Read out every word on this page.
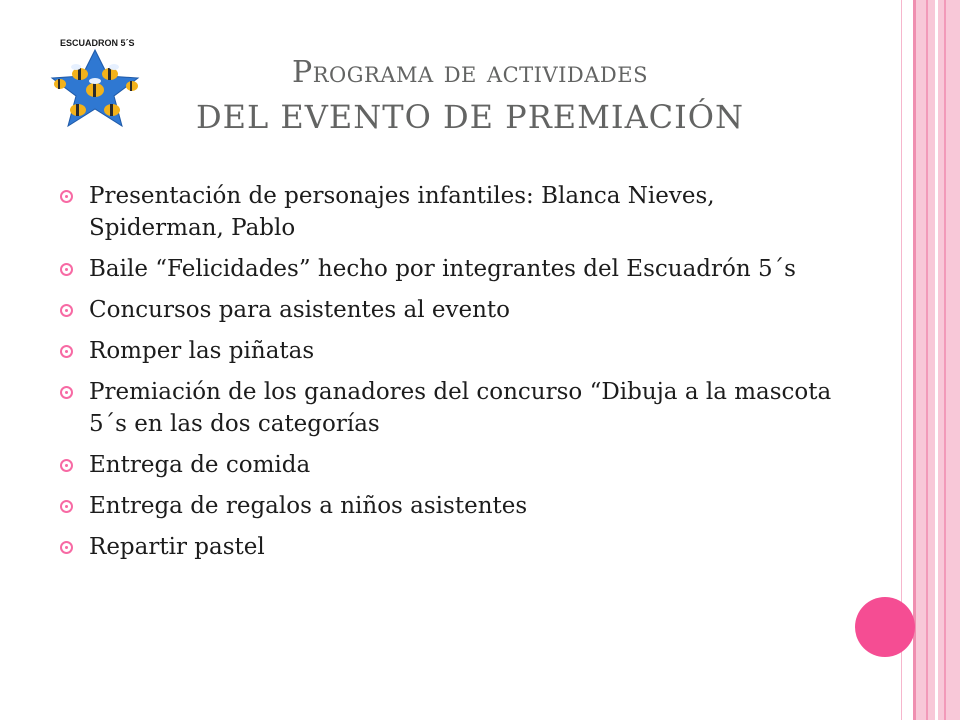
ESCUADRON 5´S
Programa de actividades
DEL EVENTO DE PREMIACIÓN
Presentación de personajes infantiles: Blanca Nieves, Spiderman, Pablo
Baile “Felicidades” hecho por integrantes del Escuadrón 5´s
Concursos para asistentes al evento
Romper las piñatas
Premiación de los ganadores del concurso “Dibuja a la mascota 5´s en las dos categorías
Entrega de comida
Entrega de regalos a niños asistentes
Repartir pastel
